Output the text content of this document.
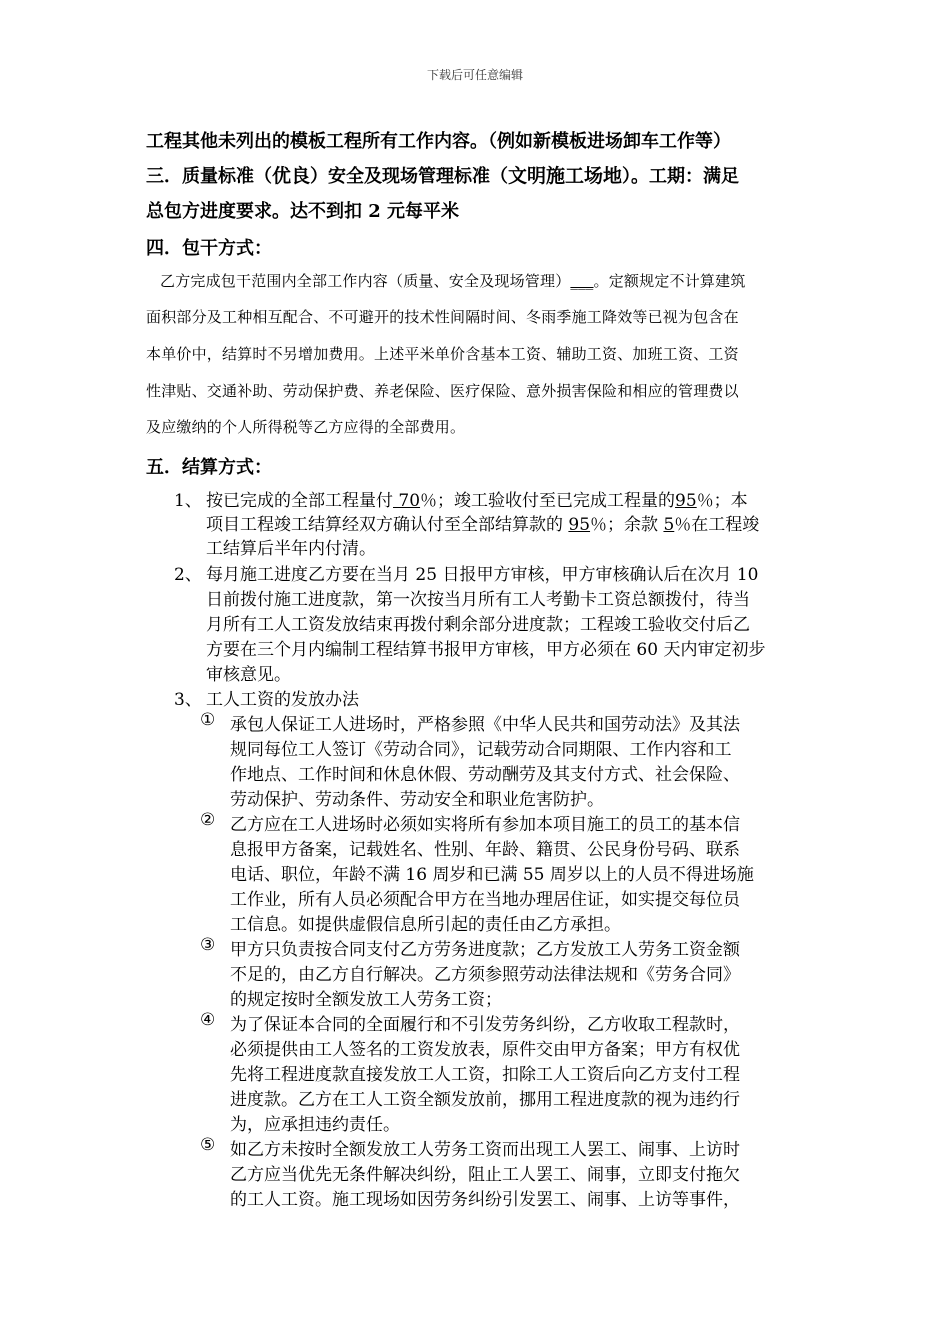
下载后可任意编辑
工程其他未列出的模板工程所有工作内容。（例如新模板进场卸车工作等）
三．质量标准（优良）安全及现场管理标准（文明施工场地）。工期：满足
总包方进度要求。达不到扣 2 元每平米
四．包干方式：
乙方完成包干范围内全部工作内容（质量、安全及现场管理）___。定额规定不计算建筑
面积部分及工种相互配合、不可避开的技术性间隔时间、冬雨季施工降效等已视为包含在
本单价中，结算时不另增加费用。上述平米单价含基本工资、辅助工资、加班工资、工资
性津贴、交通补助、劳动保护费、养老保险、医疗保险、意外损害保险和相应的管理费以
及应缴纳的个人所得税等乙方应得的全部费用。
五．结算方式：
1、 按已完成的全部工程量付 70％；竣工验收付至已完成工程量的95％；本
项目工程竣工结算经双方确认付至全部结算款的 95％；余款 5％在工程竣
工结算后半年内付清。
2、 每月施工进度乙方要在当月 25 日报甲方审核，甲方审核确认后在次月 10
日前拨付施工进度款，第一次按当月所有工人考勤卡工资总额拨付，待当
月所有工人工资发放结束再拨付剩余部分进度款；工程竣工验收交付后乙
方要在三个月内编制工程结算书报甲方审核，甲方必须在 60 天内审定初步
审核意见。
3、 工人工资的发放办法
① 承包人保证工人进场时，严格参照《中华人民共和国劳动法》及其法
规同每位工人签订《劳动合同》，记载劳动合同期限、工作内容和工
作地点、工作时间和休息休假、劳动酬劳及其支付方式、社会保险、
劳动保护、劳动条件、劳动安全和职业危害防护。
② 乙方应在工人进场时必须如实将所有参加本项目施工的员工的基本信
息报甲方备案，记载姓名、性别、年龄、籍贯、公民身份号码、联系
电话、职位，年龄不满 16 周岁和已满 55 周岁以上的人员不得进场施
工作业，所有人员必须配合甲方在当地办理居住证，如实提交每位员
工信息。如提供虚假信息所引起的责任由乙方承担。
③ 甲方只负责按合同支付乙方劳务进度款；乙方发放工人劳务工资金额
不足的，由乙方自行解决。乙方须参照劳动法律法规和《劳务合同》
的规定按时全额发放工人劳务工资；
④ 为了保证本合同的全面履行和不引发劳务纠纷，乙方收取工程款时，
必须提供由工人签名的工资发放表，原件交由甲方备案；甲方有权优
先将工程进度款直接发放工人工资，扣除工人工资后向乙方支付工程
进度款。乙方在工人工资全额发放前，挪用工程进度款的视为违约行
为，应承担违约责任。
⑤ 如乙方未按时全额发放工人劳务工资而出现工人罢工、闹事、上访时
乙方应当优先无条件解决纠纷，阻止工人罢工、闹事，立即支付拖欠
的工人工资。施工现场如因劳务纠纷引发罢工、闹事、上访等事件，
